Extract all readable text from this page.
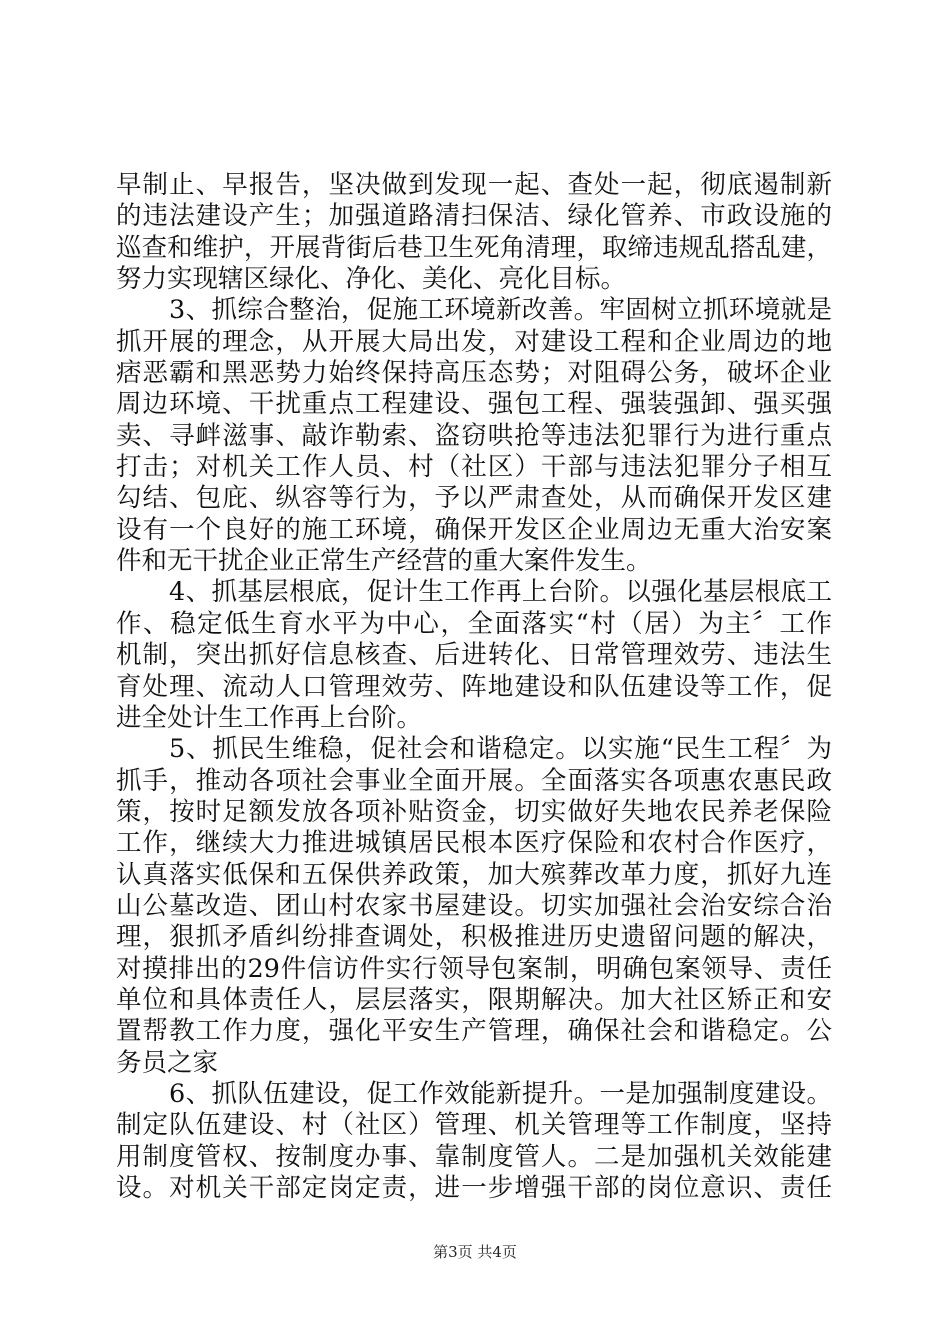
早制止、早报告，坚决做到发现一起、查处一起，彻底遏制新
的违法建设产生；加强道路清扫保洁、绿化管养、市政设施的
巡查和维护，开展背街后巷卫生死角清理，取缔违规乱搭乱建，
努力实现辖区绿化、净化、美化、亮化目标。
3、抓综合整治，促施工环境新改善。牢固树立抓环境就是
抓开展的理念，从开展大局出发，对建设工程和企业周边的地
痞恶霸和黑恶势力始终保持高压态势；对阻碍公务，破坏企业
周边环境、干扰重点工程建设、强包工程、强装强卸、强买强
卖、寻衅滋事、敲诈勒索、盗窃哄抢等违法犯罪行为进行重点
打击；对机关工作人员、村（社区）干部与违法犯罪分子相互
勾结、包庇、纵容等行为，予以严肃查处，从而确保开发区建
设有一个良好的施工环境，确保开发区企业周边无重大治安案
件和无干扰企业正常生产经营的重大案件发生。
4、抓基层根底，促计生工作再上台阶。以强化基层根底工
作、稳定低生育水平为中心，全面落实“村（居）为主〞工作
机制，突出抓好信息核查、后进转化、日常管理效劳、违法生
育处理、流动人口管理效劳、阵地建设和队伍建设等工作，促
进全处计生工作再上台阶。
5、抓民生维稳，促社会和谐稳定。以实施“民生工程〞为
抓手，推动各项社会事业全面开展。全面落实各项惠农惠民政
策，按时足额发放各项补贴资金，切实做好失地农民养老保险
工作，继续大力推进城镇居民根本医疗保险和农村合作医疗，
认真落实低保和五保供养政策，加大殡葬改革力度，抓好九连
山公墓改造、团山村农家书屋建设。切实加强社会治安综合治
理，狠抓矛盾纠纷排查调处，积极推进历史遗留问题的解决，
对摸排出的29件信访件实行领导包案制，明确包案领导、责任
单位和具体责任人，层层落实，限期解决。加大社区矫正和安
置帮教工作力度，强化平安生产管理，确保社会和谐稳定。公
务员之家
6、抓队伍建设，促工作效能新提升。一是加强制度建设。
制定队伍建设、村（社区）管理、机关管理等工作制度，坚持
用制度管权、按制度办事、靠制度管人。二是加强机关效能建
设。对机关干部定岗定责，进一步增强干部的岗位意识、责任
第3页 共4页
